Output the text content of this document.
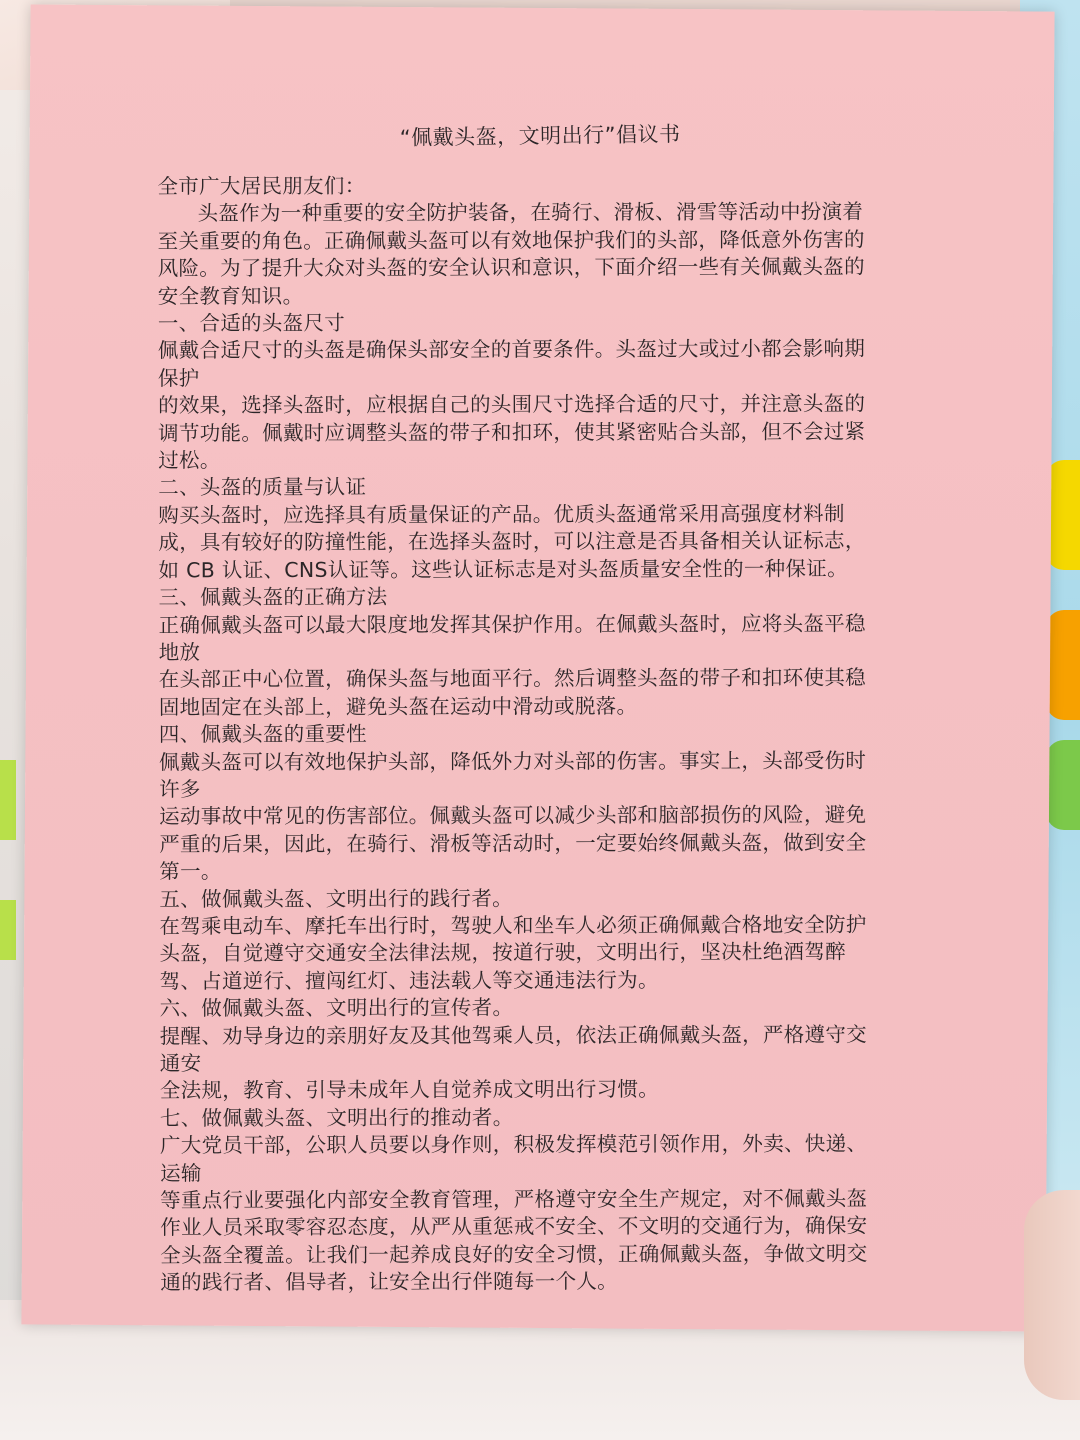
“佩戴头盔，文明出行”倡议书
全市广大居民朋友们：
头盔作为一种重要的安全防护装备，在骑行、滑板、滑雪等活动中扮演着
至关重要的角色。正确佩戴头盔可以有效地保护我们的头部，降低意外伤害的
风险。为了提升大众对头盔的安全认识和意识，下面介绍一些有关佩戴头盔的
安全教育知识。
一、合适的头盔尺寸
佩戴合适尺寸的头盔是确保头部安全的首要条件。头盔过大或过小都会影响期
保护
的效果，选择头盔时，应根据自己的头围尺寸选择合适的尺寸，并注意头盔的
调节功能。佩戴时应调整头盔的带子和扣环，使其紧密贴合头部，但不会过紧
过松。
二、头盔的质量与认证
购买头盔时，应选择具有质量保证的产品。优质头盔通常采用高强度材料制
成，具有较好的防撞性能，在选择头盔时，可以注意是否具备相关认证标志，
如 CB 认证、CNS认证等。这些认证标志是对头盔质量安全性的一种保证。
三、佩戴头盔的正确方法
正确佩戴头盔可以最大限度地发挥其保护作用。在佩戴头盔时，应将头盔平稳
地放
在头部正中心位置，确保头盔与地面平行。然后调整头盔的带子和扣环使其稳
固地固定在头部上，避免头盔在运动中滑动或脱落。
四、佩戴头盔的重要性
佩戴头盔可以有效地保护头部，降低外力对头部的伤害。事实上，头部受伤时
许多
运动事故中常见的伤害部位。佩戴头盔可以减少头部和脑部损伤的风险，避免
严重的后果，因此，在骑行、滑板等活动时，一定要始终佩戴头盔，做到安全
第一。
五、做佩戴头盔、文明出行的践行者。
在驾乘电动车、摩托车出行时，驾驶人和坐车人必须正确佩戴合格地安全防护
头盔，自觉遵守交通安全法律法规，按道行驶，文明出行，坚决杜绝酒驾醉
驾、占道逆行、擅闯红灯、违法载人等交通违法行为。
六、做佩戴头盔、文明出行的宣传者。
提醒、劝导身边的亲朋好友及其他驾乘人员，依法正确佩戴头盔，严格遵守交
通安
全法规，教育、引导未成年人自觉养成文明出行习惯。
七、做佩戴头盔、文明出行的推动者。
广大党员干部，公职人员要以身作则，积极发挥模范引领作用，外卖、快递、
运输
等重点行业要强化内部安全教育管理，严格遵守安全生产规定，对不佩戴头盔
作业人员采取零容忍态度，从严从重惩戒不安全、不文明的交通行为，确保安
全头盔全覆盖。让我们一起养成良好的安全习惯，正确佩戴头盔，争做文明交
通的践行者、倡导者，让安全出行伴随每一个人。
